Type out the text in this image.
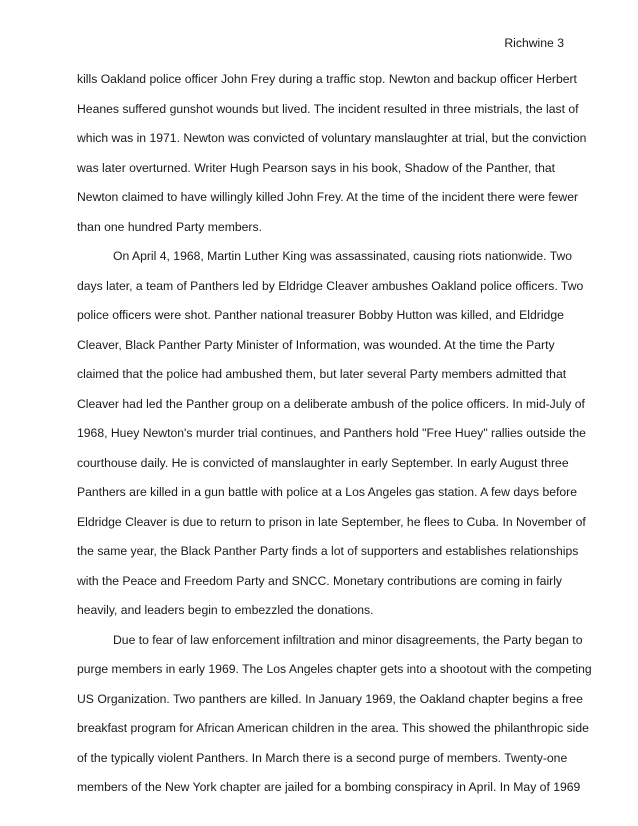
Richwine 3
kills Oakland police officer John Frey during a traffic stop. Newton and backup officer Herbert
Heanes suffered gunshot wounds but lived. The incident resulted in three mistrials, the last of
which was in 1971. Newton was convicted of voluntary manslaughter at trial, but the conviction
was later overturned. Writer Hugh Pearson says in his book, Shadow of the Panther, that
Newton claimed to have willingly killed John Frey. At the time of the incident there were fewer
than one hundred Party members.
On April 4, 1968, Martin Luther King was assassinated, causing riots nationwide. Two
days later, a team of Panthers led by Eldridge Cleaver ambushes Oakland police officers. Two
police officers were shot. Panther national treasurer Bobby Hutton was killed, and Eldridge
Cleaver, Black Panther Party Minister of Information, was wounded. At the time the Party
claimed that the police had ambushed them, but later several Party members admitted that
Cleaver had led the Panther group on a deliberate ambush of the police officers. In mid-July of
1968, Huey Newton's murder trial continues, and Panthers hold "Free Huey" rallies outside the
courthouse daily. He is convicted of manslaughter in early September. In early August three
Panthers are killed in a gun battle with police at a Los Angeles gas station. A few days before
Eldridge Cleaver is due to return to prison in late September, he flees to Cuba. In November of
the same year, the Black Panther Party finds a lot of supporters and establishes relationships
with the Peace and Freedom Party and SNCC. Monetary contributions are coming in fairly
heavily, and leaders begin to embezzled the donations.
Due to fear of law enforcement infiltration and minor disagreements, the Party began to
purge members in early 1969. The Los Angeles chapter gets into a shootout with the competing
US Organization. Two panthers are killed. In January 1969, the Oakland chapter begins a free
breakfast program for African American children in the area. This showed the philanthropic side
of the typically violent Panthers. In March there is a second purge of members. Twenty-one
members of the New York chapter are jailed for a bombing conspiracy in April. In May of 1969
